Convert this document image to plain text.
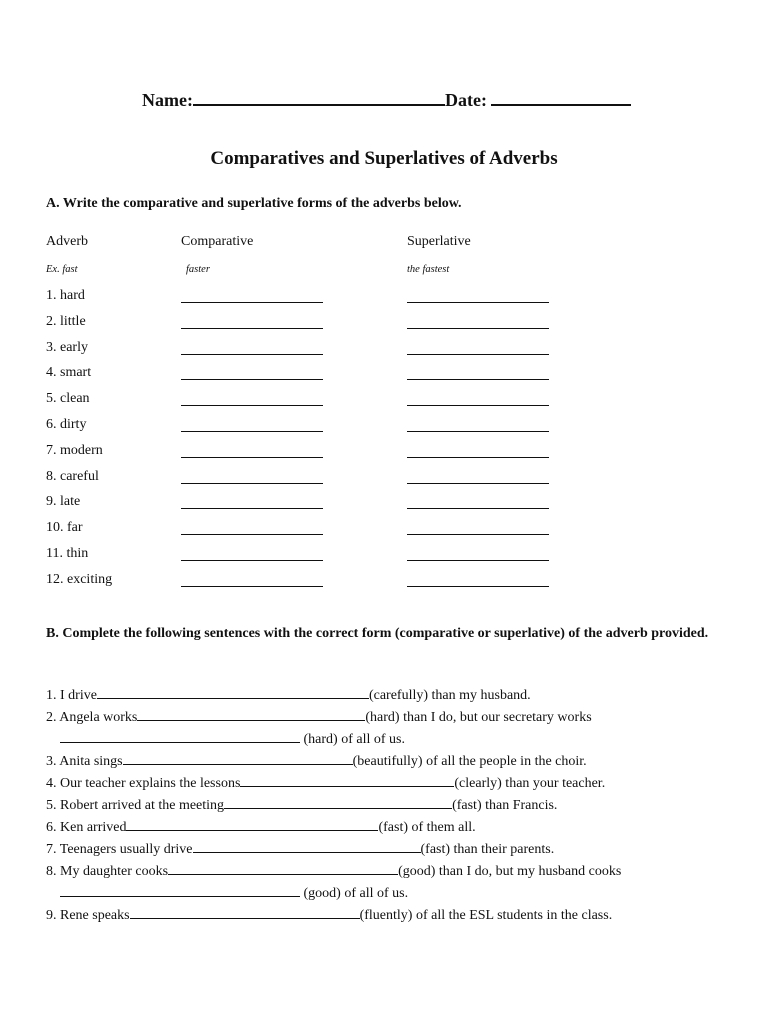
Name:	Date:
Comparatives and Superlatives of Adverbs
A. Write the comparative and superlative forms of the adverbs below.
Adverb	Comparative	Superlative
Ex. fast	faster	the fastest
1. hard
2. little
3. early
4. smart
5. clean
6. dirty
7. modern
8. careful
9. late
10. far
11. thin
12. exciting
B. Complete the following sentences with the correct form (comparative or superlative) of the adverb provided.
1. I drive	(carefully) than my husband.
2. Angela works	(hard) than I do, but our secretary works
(hard) of all of us.
3. Anita sings	(beautifully) of all the people in the choir.
4. Our teacher explains the lessons	(clearly) than your teacher.
5. Robert arrived at the meeting	(fast) than Francis.
6. Ken arrived	(fast) of them all.
7. Teenagers usually drive	(fast) than their parents.
8. My daughter cooks	(good) than I do, but my husband cooks
(good) of all of us.
9. Rene speaks	(fluently) of all the ESL students in the class.
